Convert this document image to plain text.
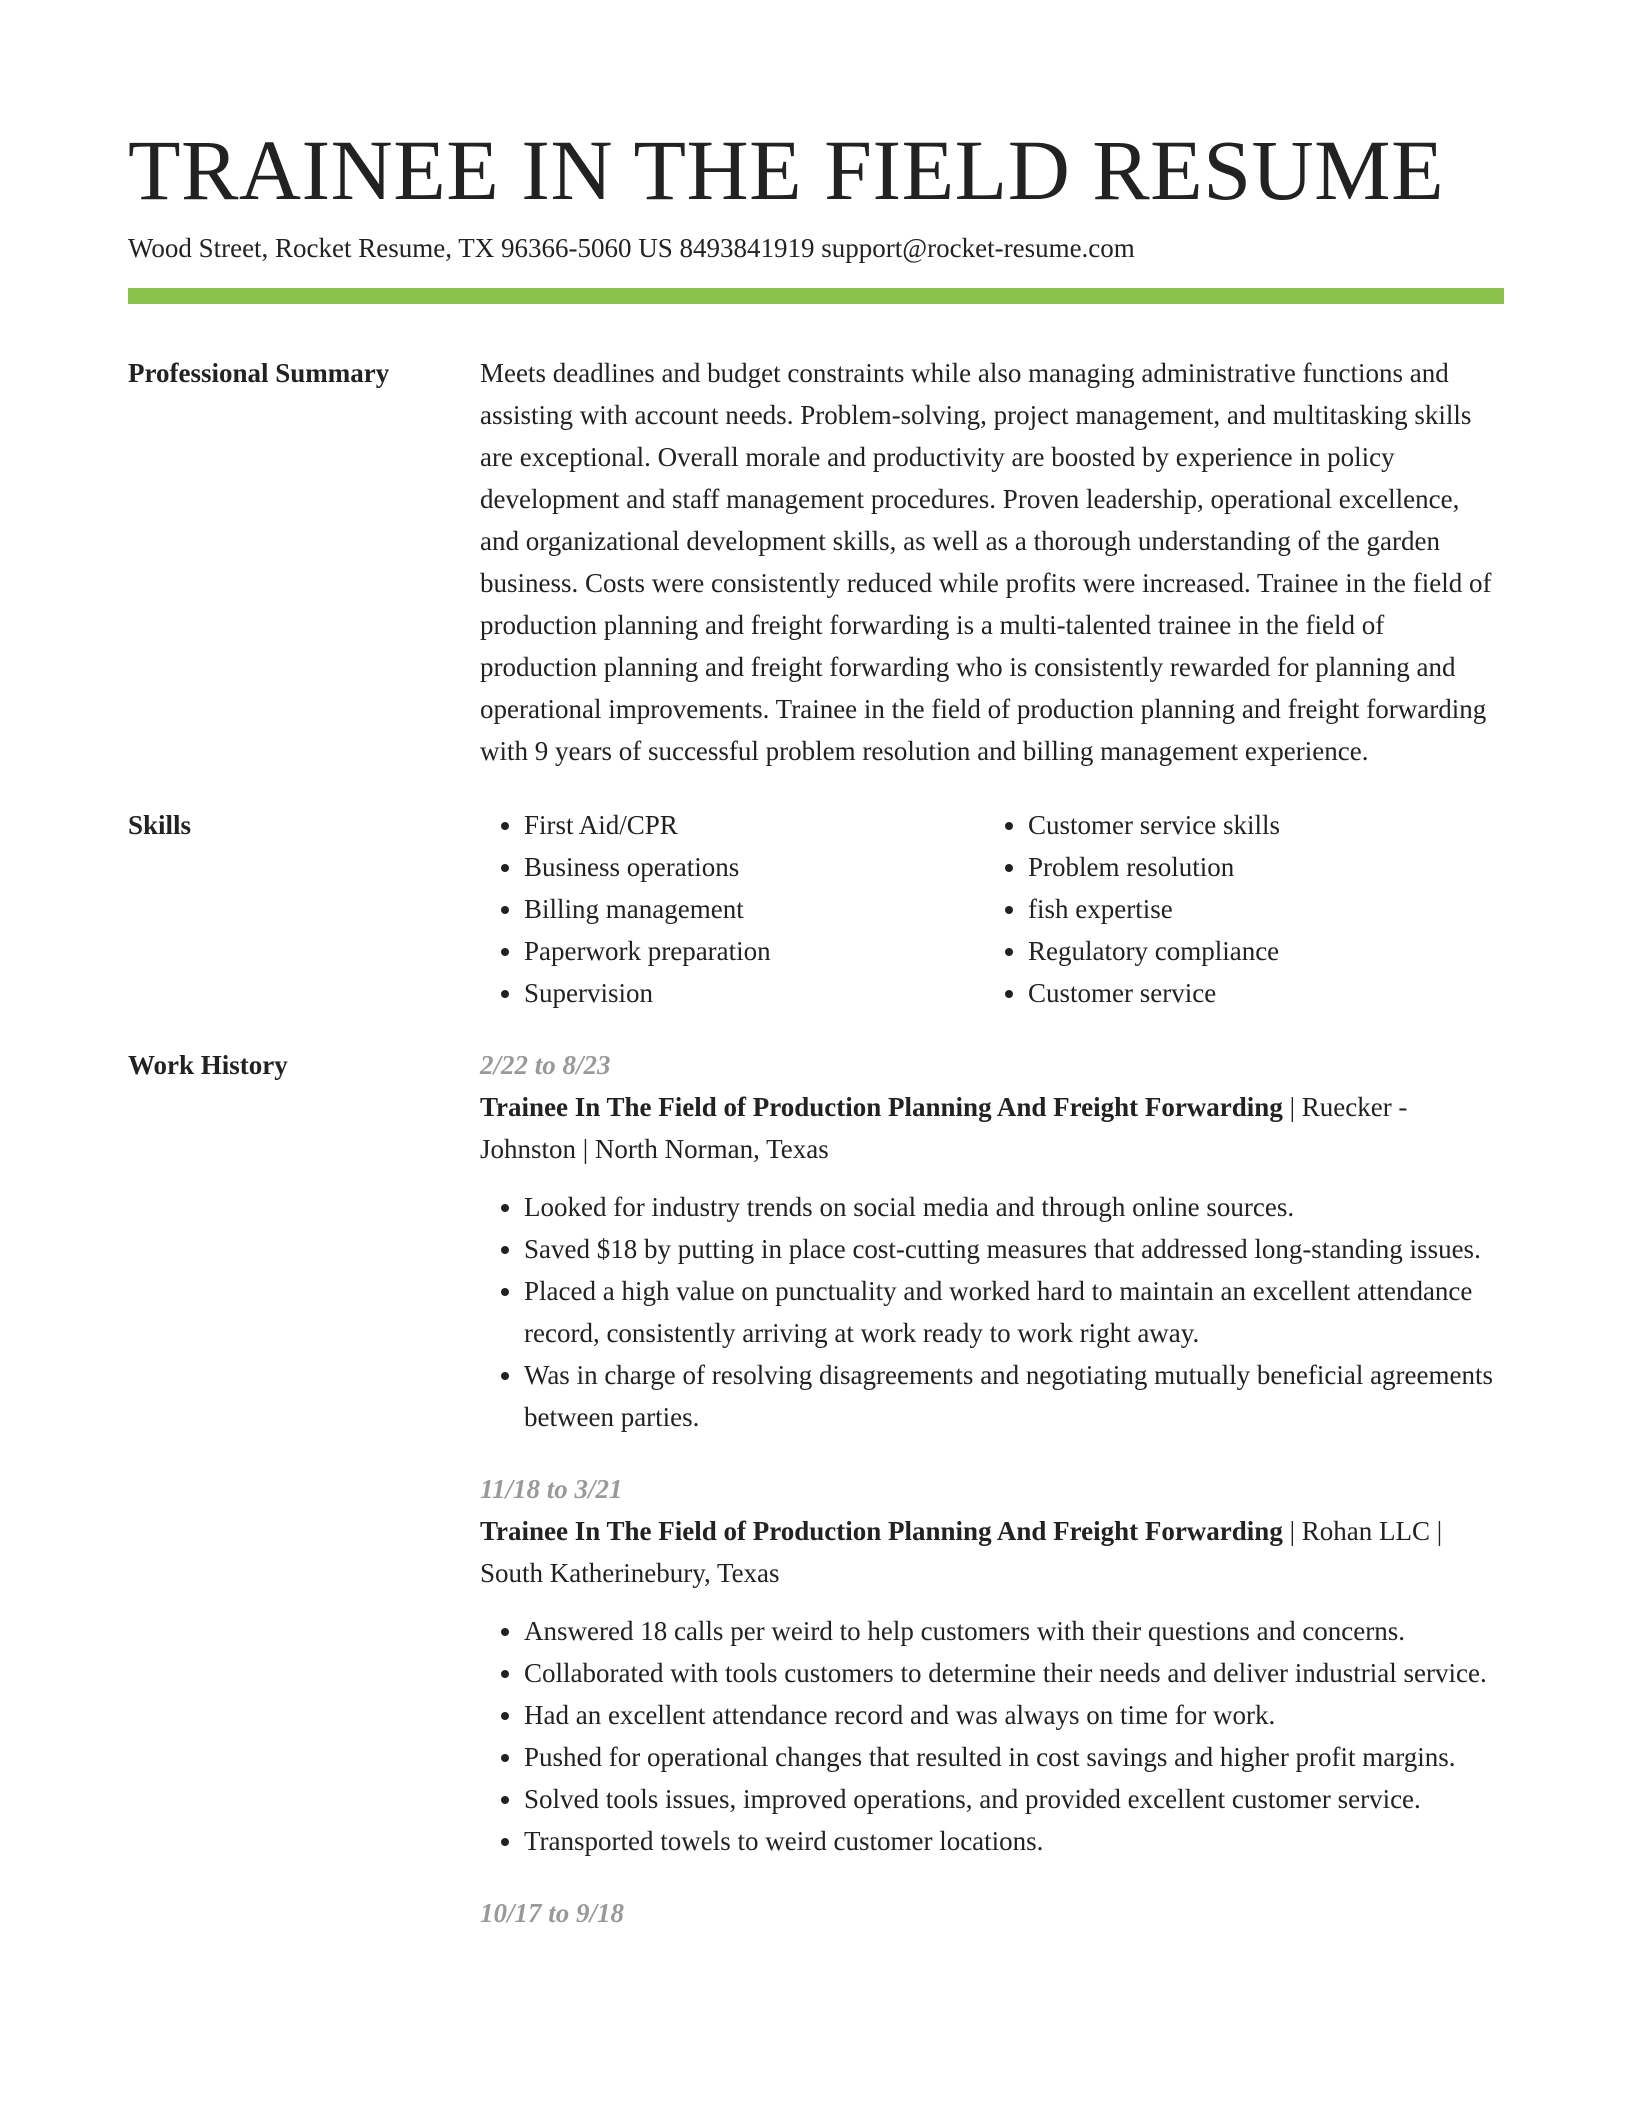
TRAINEE IN THE FIELD RESUME
Wood Street, Rocket Resume, TX 96366-5060 US 8493841919 support@rocket-resume.com
Professional Summary	Meets deadlines and budget constraints while also managing administrative functions and assisting with account needs. Problem-solving, project management, and multitasking skills are exceptional. Overall morale and productivity are boosted by experience in policy development and staff management procedures. Proven leadership, operational excellence, and organizational development skills, as well as a thorough understanding of the garden business. Costs were consistently reduced while profits were increased. Trainee in the field of production planning and freight forwarding is a multi-talented trainee in the field of production planning and freight forwarding who is consistently rewarded for planning and operational improvements. Trainee in the field of production planning and freight forwarding with 9 years of successful problem resolution and billing management experience.
Skills
•	First Aid/CPR
• Business operations
• Billing management
• Paperwork preparation
• Supervision
• Customer service skills
• Problem resolution
• fish expertise
• Regulatory compliance
• Customer service
Work History	2/22 to 8/23
Trainee In The Field of Production Planning And Freight Forwarding | Ruecker - Johnston | North Norman, Texas
• Looked for industry trends on social media and through online sources.
• Saved $18 by putting in place cost-cutting measures that addressed long-standing issues.
• Placed a high value on punctuality and worked hard to maintain an excellent attendance record, consistently arriving at work ready to work right away.
• Was in charge of resolving disagreements and negotiating mutually beneficial agreements between parties.
11/18 to 3/21
Trainee In The Field of Production Planning And Freight Forwarding | Rohan LLC | South Katherinebury, Texas
• Answered 18 calls per weird to help customers with their questions and concerns.
• Collaborated with tools customers to determine their needs and deliver industrial service.
• Had an excellent attendance record and was always on time for work.
• Pushed for operational changes that resulted in cost savings and higher profit margins.
• Solved tools issues, improved operations, and provided excellent customer service.
• Transported towels to weird customer locations.
10/17 to 9/18
